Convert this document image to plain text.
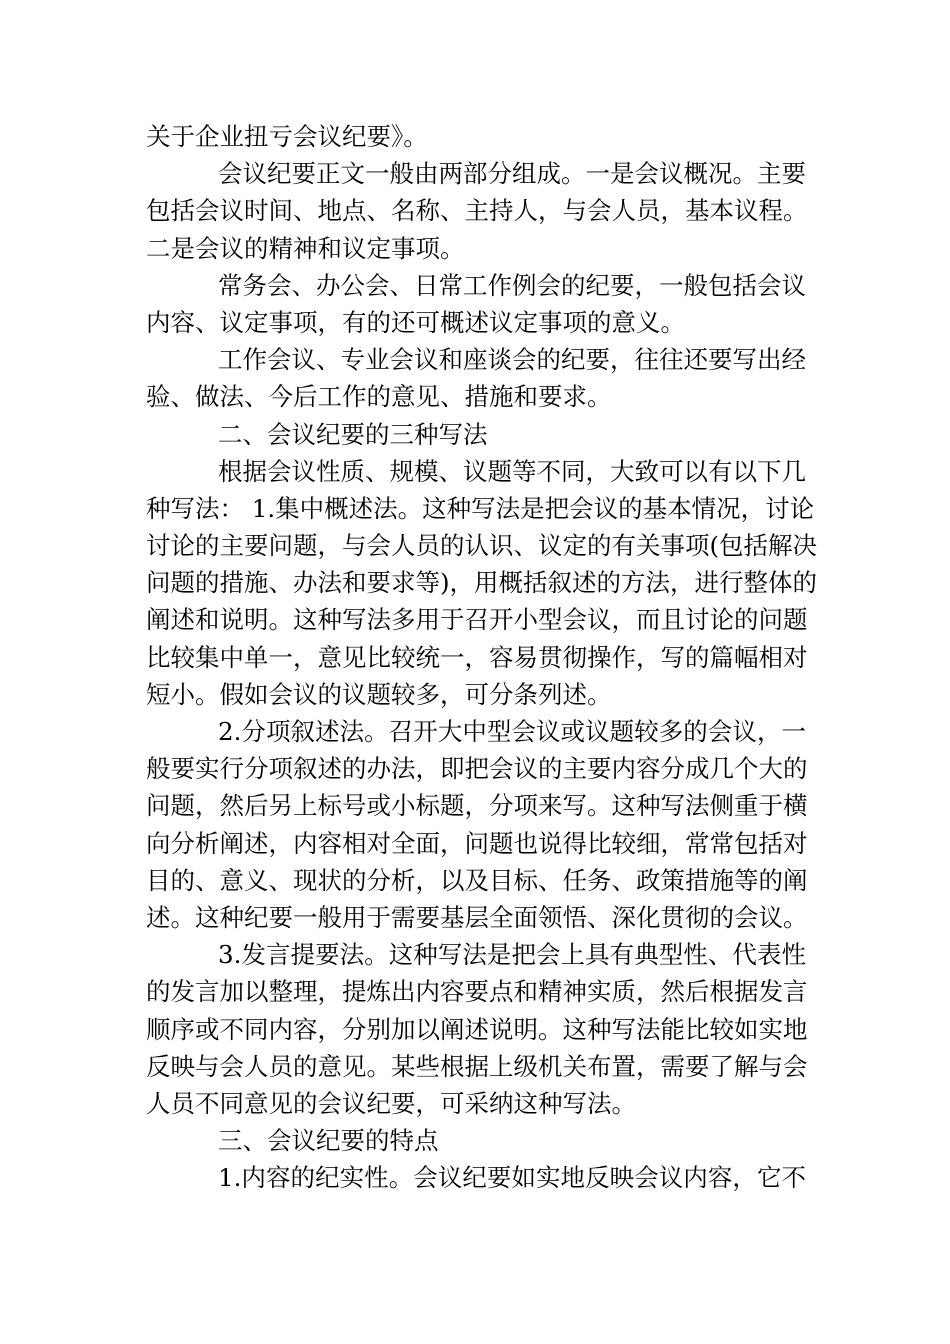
关于企业扭亏会议纪要》。
会议纪要正文一般由两部分组成。一是会议概况。主要
包括会议时间、地点、名称、主持人，与会人员，基本议程。
二是会议的精神和议定事项。
常务会、办公会、日常工作例会的纪要，一般包括会议
内容、议定事项，有的还可概述议定事项的意义。
工作会议、专业会议和座谈会的纪要，往往还要写出经
验、做法、今后工作的意见、措施和要求。
二、会议纪要的三种写法
根据会议性质、规模、议题等不同，大致可以有以下几
种写法： 1.集中概述法。这种写法是把会议的基本情况，讨论
讨论的主要问题，与会人员的认识、议定的有关事项(包括解决
问题的措施、办法和要求等)，用概括叙述的方法，进行整体的
阐述和说明。这种写法多用于召开小型会议，而且讨论的问题
比较集中单一，意见比较统一，容易贯彻操作，写的篇幅相对
短小。假如会议的议题较多，可分条列述。
2.分项叙述法。召开大中型会议或议题较多的会议，一
般要实行分项叙述的办法，即把会议的主要内容分成几个大的
问题，然后另上标号或小标题，分项来写。这种写法侧重于横
向分析阐述，内容相对全面，问题也说得比较细，常常包括对
目的、意义、现状的分析，以及目标、任务、政策措施等的阐
述。这种纪要一般用于需要基层全面领悟、深化贯彻的会议。
3.发言提要法。这种写法是把会上具有典型性、代表性
的发言加以整理，提炼出内容要点和精神实质，然后根据发言
顺序或不同内容，分别加以阐述说明。这种写法能比较如实地
反映与会人员的意见。某些根据上级机关布置，需要了解与会
人员不同意见的会议纪要，可采纳这种写法。
三、会议纪要的特点
1.内容的纪实性。会议纪要如实地反映会议内容，它不
